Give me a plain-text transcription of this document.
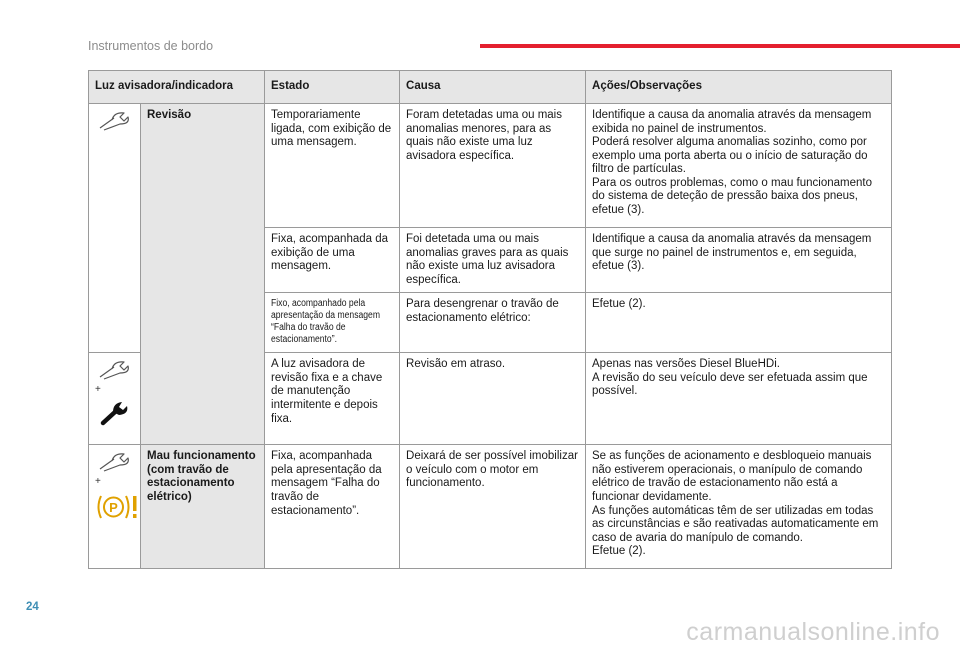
Instrumentos de bordo
Luz avisadora/indicadora		Estado	Causa	Ações/Observações

	Revisão	Temporariamente ligada, com exibição de uma mensagem.	Foram detetadas uma ou mais anomalias menores, para as quais não existe uma luz avisadora específica.	Identifique a causa da anomalia através da mensagem exibida no painel de instrumentos.
Poderá resolver alguma anomalias sozinho, como por exemplo uma porta aberta ou o início de saturação do filtro de partículas.
Para os outros problemas, como o mau funcionamento do sistema de deteção de pressão baixa dos pneus, efetue (3).
		Fixa, acompanhada da exibição de uma mensagem.	Foi detetada uma ou mais anomalias graves para as quais não existe uma luz avisadora específica.	Identifique a causa da anomalia através da mensagem que surge no painel de instrumentos e, em seguida, efetue (3).
		Fixo, acompanhado pela apresentação da mensagem “Falha do travão de estacionamento”.	Para desengrenar o travão de estacionamento elétrico:	Efetue (2).

+		A luz avisadora de revisão fixa e a chave de manutenção intermitente e depois fixa.	Revisão em atraso.	Apenas nas versões Diesel BlueHDi.
A revisão do seu veículo deve ser efetuada assim que possível.

+
P	Mau funcionamento (com travão de estacionamento elétrico)	Fixa, acompanhada pela apresentação da mensagem “Falha do travão de estacionamento”.	Deixará de ser possível imobilizar o veículo com o motor em funcionamento.	Se as funções de acionamento e desbloqueio manuais não estiverem operacionais, o manípulo de comando elétrico de travão de estacionamento não está a funcionar devidamente.
As funções automáticas têm de ser utilizadas em todas as circunstâncias e são reativadas automaticamente em caso de avaria do manípulo de comando.
Efetue (2).
24
carmanualsonline.info
